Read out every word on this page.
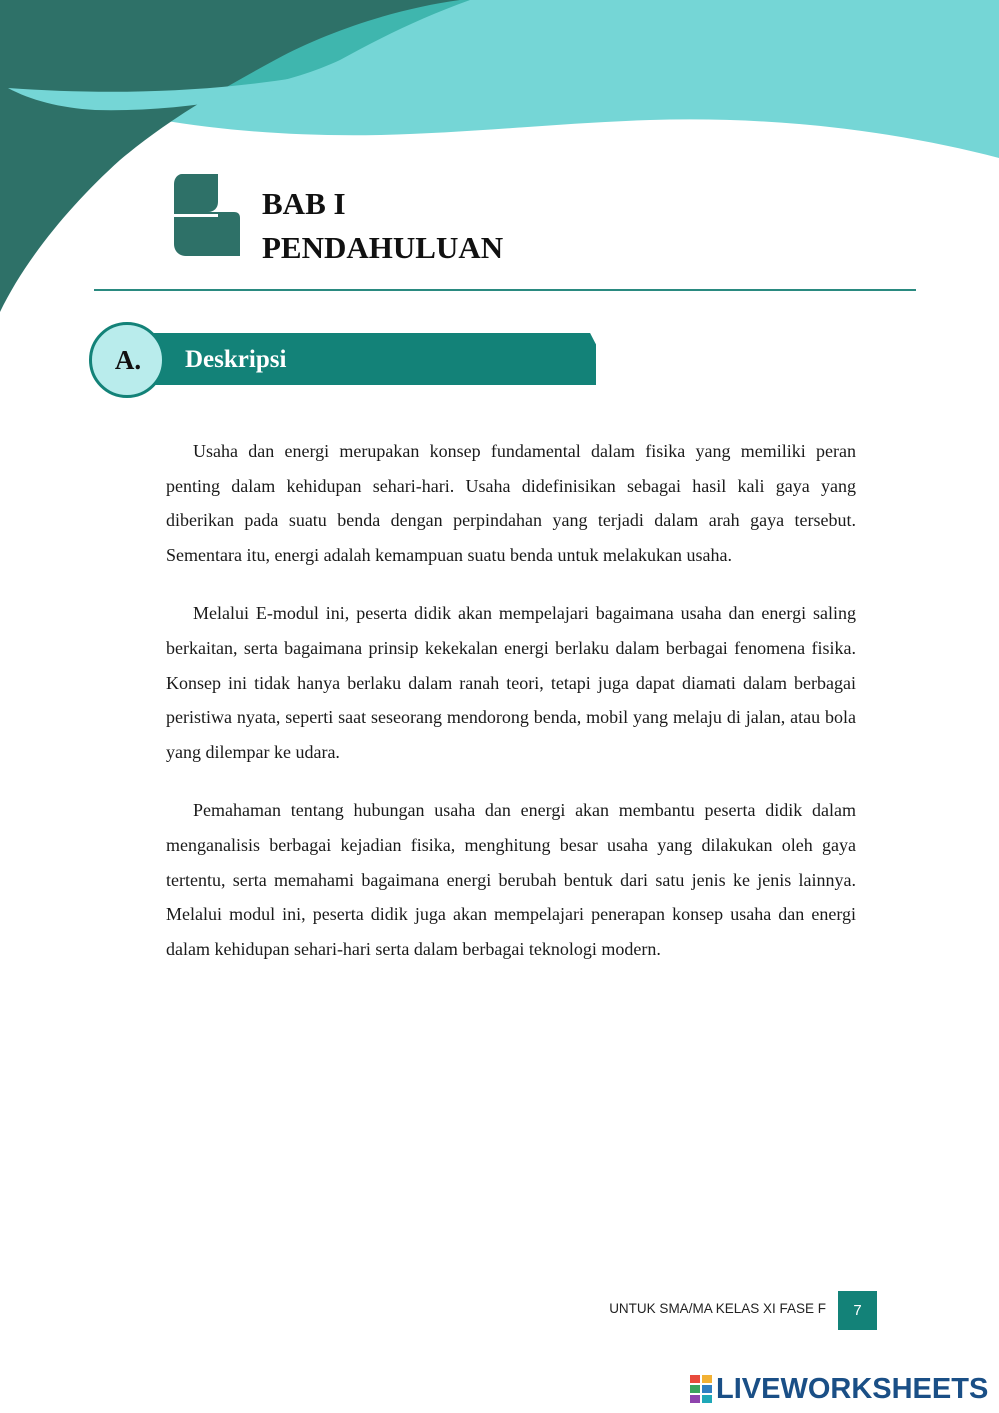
BAB I
PENDAHULUAN
Deskripsi
A.

Usaha dan energi merupakan konsep fundamental dalam fisika yang memiliki peran penting dalam kehidupan sehari-hari. Usaha didefinisikan sebagai hasil kali gaya yang diberikan pada suatu benda dengan perpindahan yang terjadi dalam arah gaya tersebut. Sementara itu, energi adalah kemampuan suatu benda untuk melakukan usaha.

Melalui E-modul ini, peserta didik akan mempelajari bagaimana usaha dan energi saling berkaitan, serta bagaimana prinsip kekekalan energi berlaku dalam berbagai fenomena fisika. Konsep ini tidak hanya berlaku dalam ranah teori, tetapi juga dapat diamati dalam berbagai peristiwa nyata, seperti saat seseorang mendorong benda, mobil yang melaju di jalan, atau bola yang dilempar ke udara.

Pemahaman tentang hubungan usaha dan energi akan membantu peserta didik dalam menganalisis berbagai kejadian fisika, menghitung besar usaha yang dilakukan oleh gaya tertentu, serta memahami bagaimana energi berubah bentuk dari satu jenis ke jenis lainnya. Melalui modul ini, peserta didik juga akan mempelajari penerapan konsep usaha dan energi dalam kehidupan sehari-hari serta dalam berbagai teknologi modern.

UNTUK SMA/MA KELAS XI FASE F	7
LIVEWORKSHEETS
